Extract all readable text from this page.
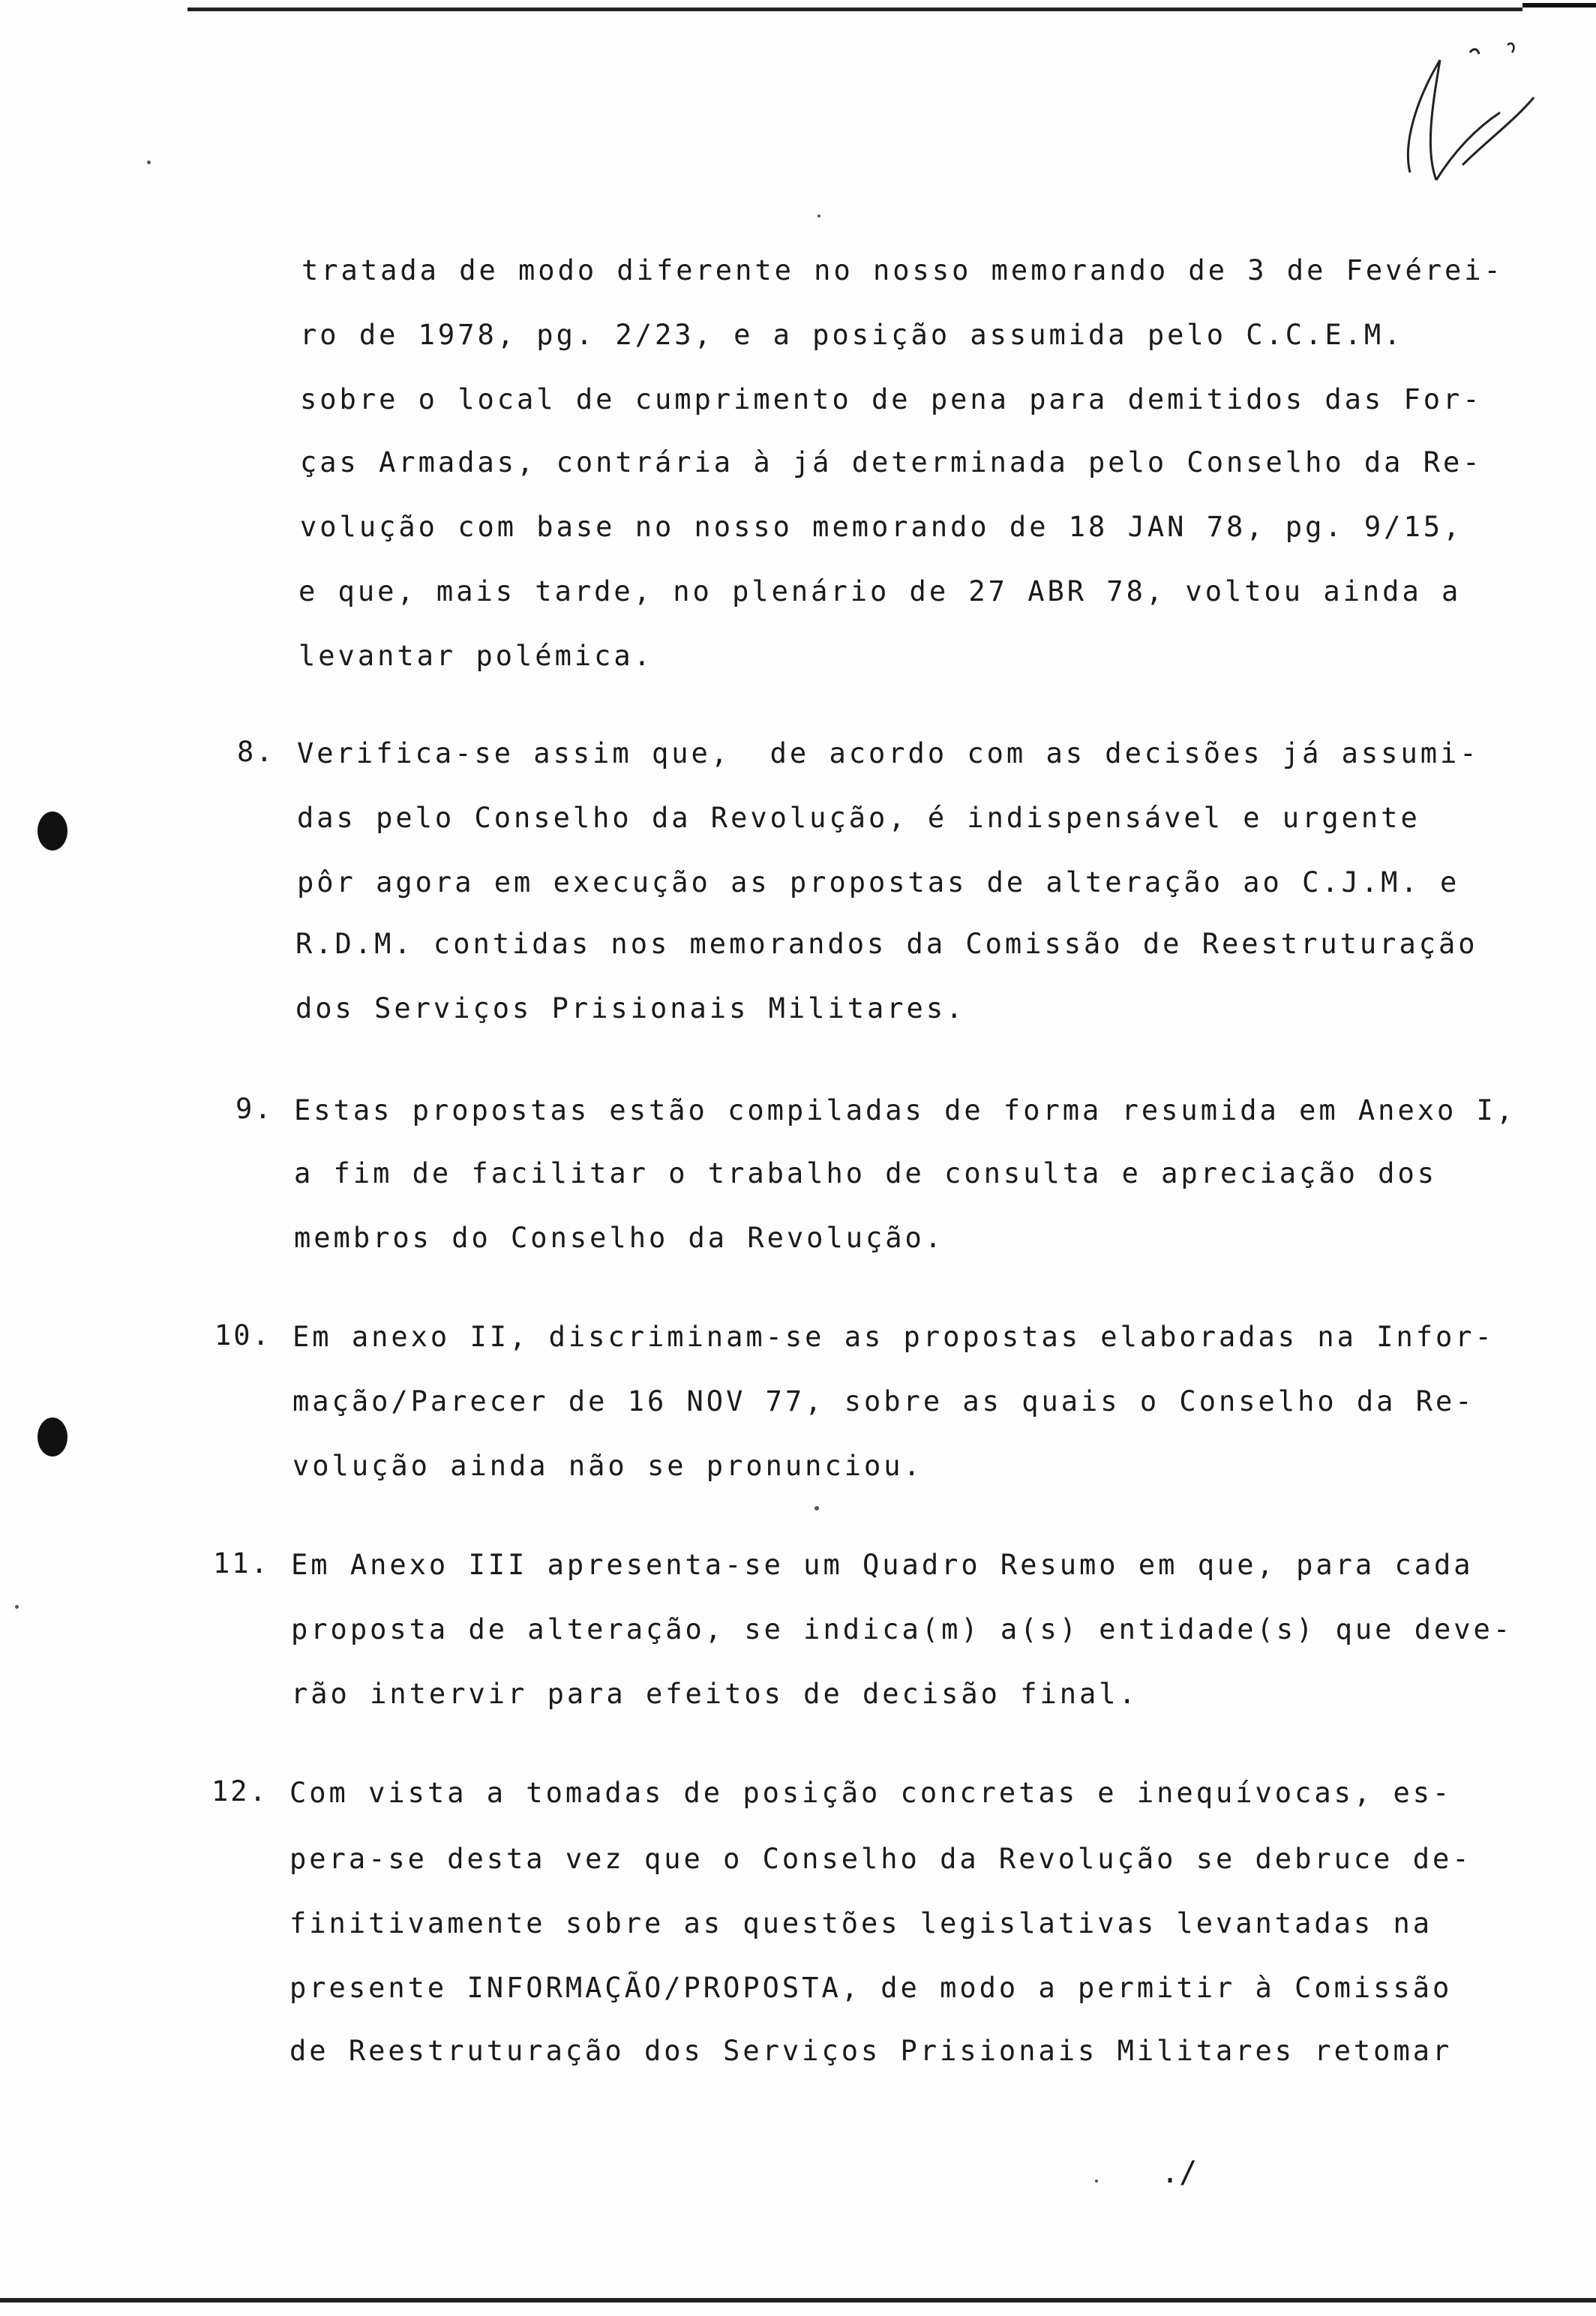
tratada de modo diferente no nosso memorando de 3 de Fevérei-
ro de 1978, pg. 2/23, e a posição assumida pelo C.C.E.M.
sobre o local de cumprimento de pena para demitidos das For-
ças Armadas, contrária à já determinada pelo Conselho da Re-
volução com base no nosso memorando de 18 JAN 78, pg. 9/15,
e que, mais tarde, no plenário de 27 ABR 78, voltou ainda a
levantar polémica.
8. Verifica-se assim que,  de acordo com as decisões já assumi-
das pelo Conselho da Revolução, é indispensável e urgente
pôr agora em execução as propostas de alteração ao C.J.M. e
R.D.M. contidas nos memorandos da Comissão de Reestruturação
dos Serviços Prisionais Militares.
9. Estas propostas estão compiladas de forma resumida em Anexo I,
a fim de facilitar o trabalho de consulta e apreciação dos
membros do Conselho da Revolução.
10. Em anexo II, discriminam-se as propostas elaboradas na Infor-
mação/Parecer de 16 NOV 77, sobre as quais o Conselho da Re-
volução ainda não se pronunciou.
11. Em Anexo III apresenta-se um Quadro Resumo em que, para cada
proposta de alteração, se indica(m) a(s) entidade(s) que deve-
rão intervir para efeitos de decisão final.
12. Com vista a tomadas de posição concretas e inequívocas, es-
pera-se desta vez que o Conselho da Revolução se debruce de-
finitivamente sobre as questões legislativas levantadas na
presente INFORMAÇÃO/PROPOSTA, de modo a permitir à Comissão
de Reestruturação dos Serviços Prisionais Militares retomar
./
